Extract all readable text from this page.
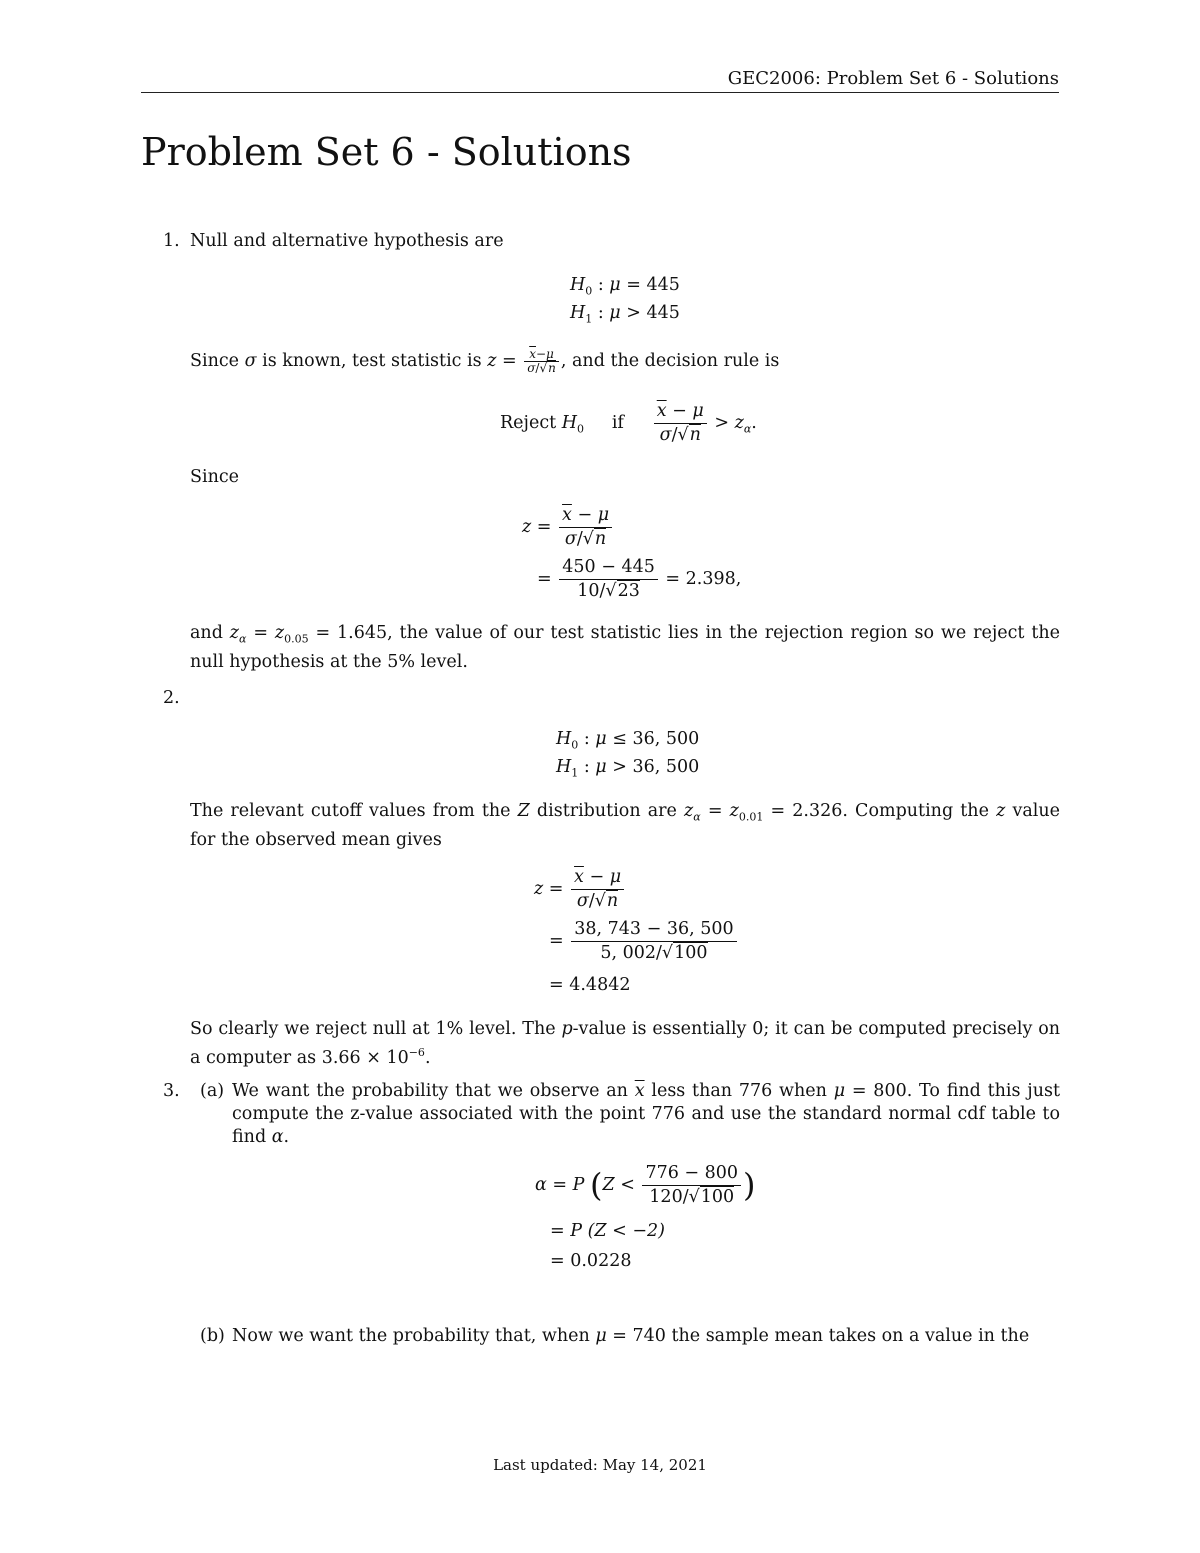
GEC2006: Problem Set 6 - Solutions
Problem Set 6 - Solutions
1. Null and alternative hypothesis are
$H_0$ : μ = 445
$H_1$ : μ > 445
Since σ is known, test statistic is $z = \frac{\overline{x}-\mu}{\sigma/√n}$ , and the decision rule is
Reject $H_0$ if $\frac{\overline{x} - \mu}{\sigma/√n} > z_\alpha$.
Since
$z = \frac{\overline{x} - \mu}{\sigma/√n}$
= $\frac{450 - 445}{10/√23} = 2.398$,
and $z_\alpha = z_{0.05} = 1.645$, the value of our test statistic lies in the rejection region so we reject the null hypothesis at the 5% level.
2.
$H_0$ : μ ≤ 36, 500
$H_1$ : μ > 36, 500
The relevant cutoff values from the Z distribution are $z_\alpha = z_{0.01} = 2.326$. Computing the z value for the observed mean gives
$z = \frac{\overline{x} - \mu}{\sigma/√n}$
= $\frac{38, 743 - 36, 500}{5, 002/√100}$
= 4.4842
So clearly we reject null at 1% level. The p-value is essentially 0; it can be computed precisely on a computer as $3.66 \times 10^{-6}$.
3. (a) We want the probability that we observe an $\overline{x}$ less than 776 when μ = 800. To find this just compute the z-value associated with the point 776 and use the standard normal cdf table to find α.
α = P ($Z < \frac{776 - 800}{120/√100}$ )
= P (Z < −2)
= 0.0228
(b) Now we want the probability that, when μ = 740 the sample mean takes on a value in the
Last updated: May 14, 2021
